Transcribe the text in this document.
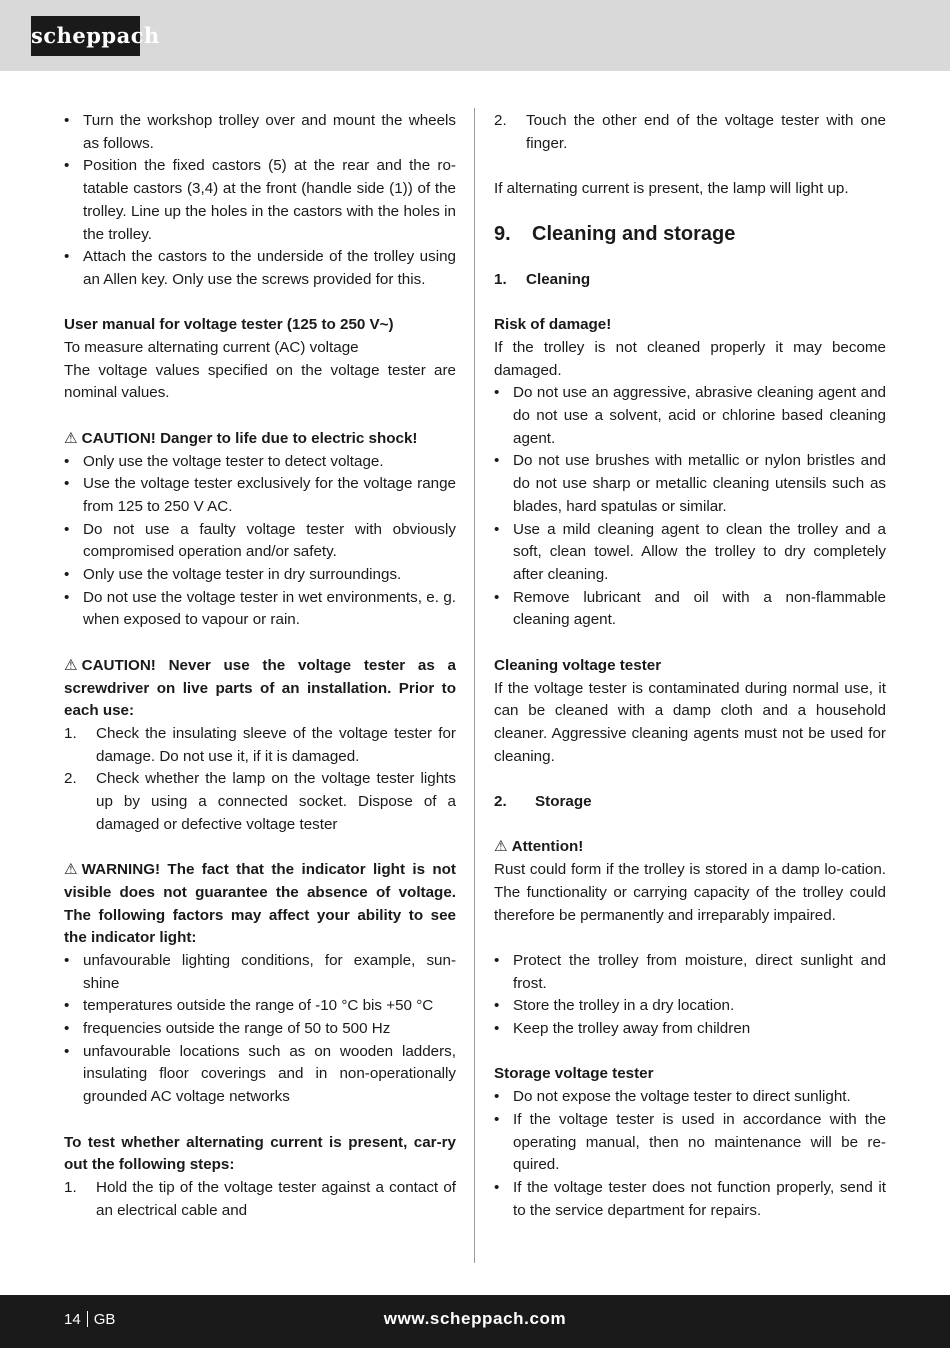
scheppach
• Turn the workshop trolley over and mount the wheels as follows.
• Position the fixed castors (5) at the rear and the ro-tatable castors (3,4) at the front (handle side (1)) of the trolley. Line up the holes in the castors with the holes in the trolley.
• Attach the castors to the underside of the trolley using an Allen key. Only use the screws provided for this.

User manual for voltage tester (125 to 250 V~)

To measure alternating current (AC) voltage

The voltage values specified on the voltage tester are nominal values.

⚠ CAUTION! Danger to life due to electric shock!

• Only use the voltage tester to detect voltage.
• Use the voltage tester exclusively for the voltage range from 125 to 250 V AC.
• Do not use a faulty voltage tester with obviously compromised operation and/or safety.
• Only use the voltage tester in dry surroundings.
• Do not use the voltage tester in wet environments, e. g. when exposed to vapour or rain.

⚠ CAUTION! Never use the voltage tester as a screwdriver on live parts of an installation. Prior to each use:

1. Check the insulating sleeve of the voltage tester for damage. Do not use it, if it is damaged.
2. Check whether the lamp on the voltage tester lights up by using a connected socket. Dispose of a damaged or defective voltage tester

⚠ WARNING! The fact that the indicator light is not visible does not guarantee the absence of voltage. The following factors may affect your ability to see the indicator light:

• unfavourable lighting conditions, for example, sun-shine
• temperatures outside the range of -10 °C bis +50 °C
• frequencies outside the range of 50 to 500 Hz
• unfavourable locations such as on wooden ladders, insulating floor coverings and in non-operationally grounded AC voltage networks

To test whether alternating current is present, car-ry out the following steps:

1. Hold the tip of the voltage tester against a contact of an electrical cable and
2. Touch the other end of the voltage tester with one finger.

If alternating current is present, the lamp will light up.

9. Cleaning and storage

1. Cleaning

Risk of damage!

If the trolley is not cleaned properly it may become damaged.

• Do not use an aggressive, abrasive cleaning agent and do not use a solvent, acid or chlorine based cleaning agent.
• Do not use brushes with metallic or nylon bristles and do not use sharp or metallic cleaning utensils such as blades, hard spatulas or similar.
• Use a mild cleaning agent to clean the trolley and a soft, clean towel. Allow the trolley to dry completely after cleaning.
• Remove lubricant and oil with a non-flammable cleaning agent.

Cleaning voltage tester

If the voltage tester is contaminated during normal use, it can be cleaned with a damp cloth and a household cleaner. Aggressive cleaning agents must not be used for cleaning.

2. Storage

⚠ Attention!

Rust could form if the trolley is stored in a damp lo-cation. The functionality or carrying capacity of the trolley could therefore be permanently and irreparably impaired.

• Protect the trolley from moisture, direct sunlight and frost.
• Store the trolley in a dry location.
• Keep the trolley away from children

Storage voltage tester

• Do not expose the voltage tester to direct sunlight.
• If the voltage tester is used in accordance with the operating manual, then no maintenance will be re-quired.
• If the voltage tester does not function properly, send it to the service department for repairs.
14 GB	www.scheppach.com
